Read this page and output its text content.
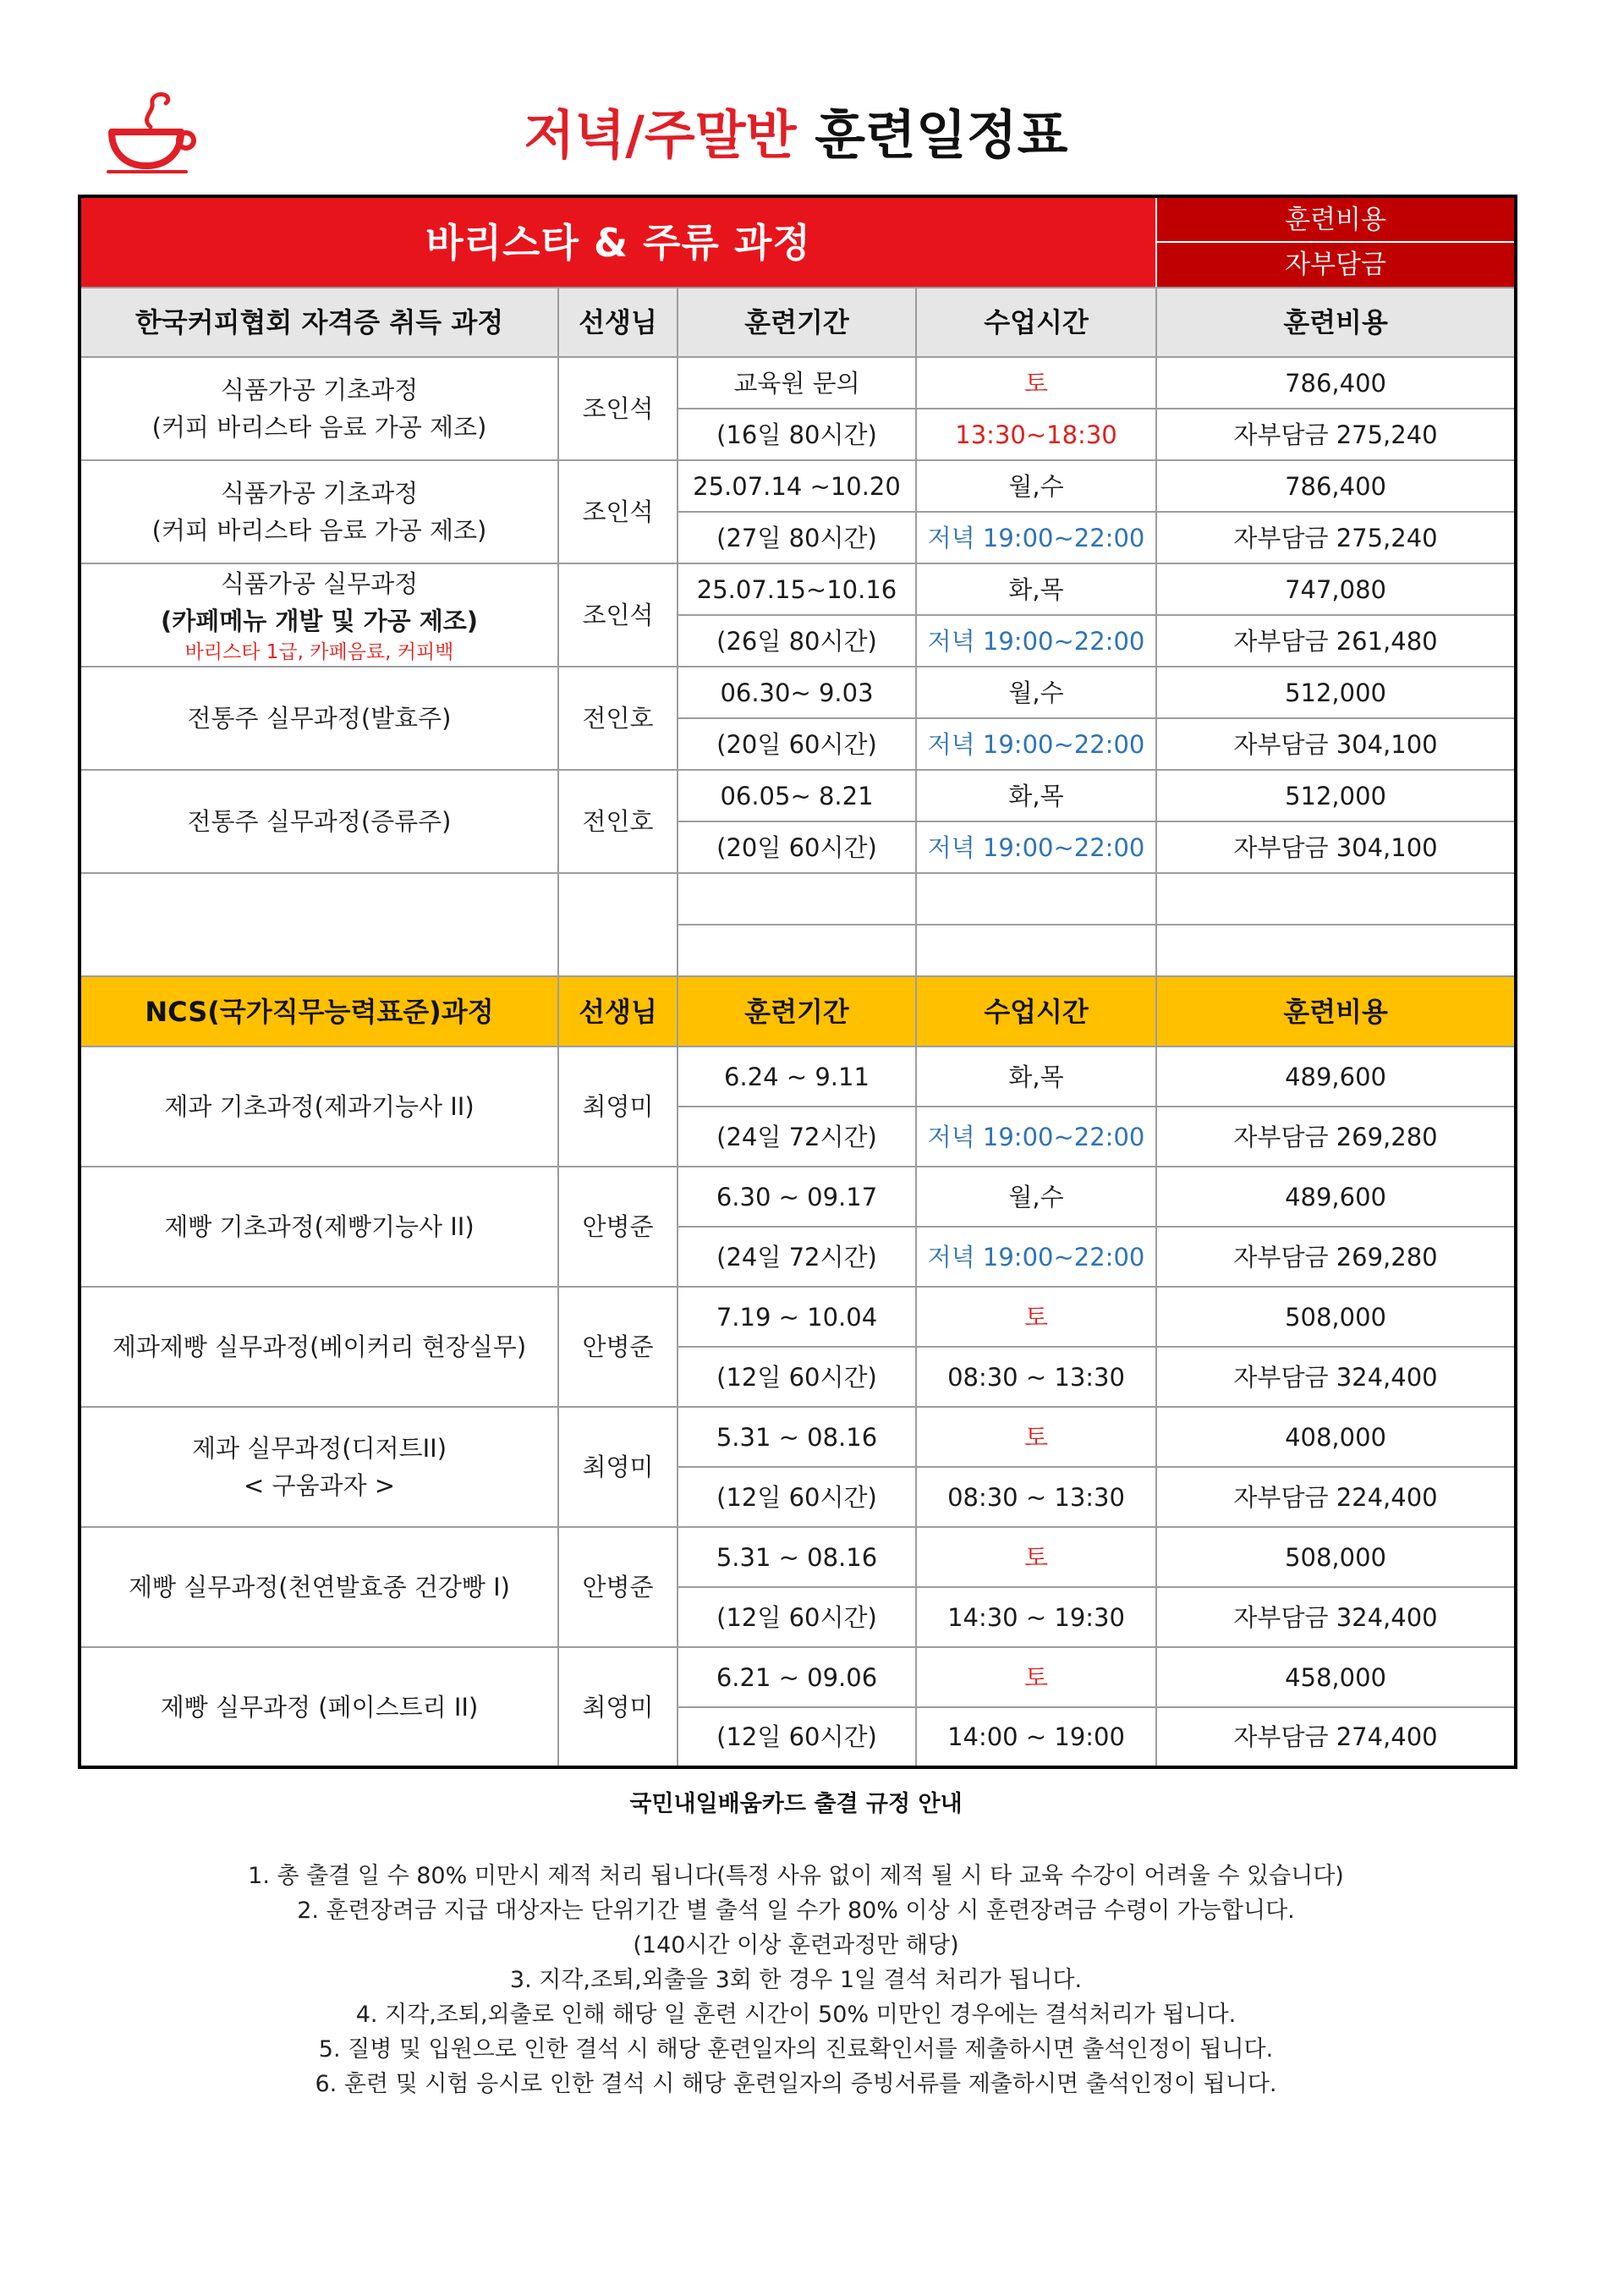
저녁/주말반 훈련일정표
바리스타 & 주류 과정				훈련비용
				자부담금
한국커피협회 자격증 취득 과정	선생님	훈련기간	수업시간	훈련비용

식품가공 기초과정
(커피 바리스타 음료 가공 제조)	조인석	교육원 문의	토	786,400
		(16일 80시간)	13:30~18:30	자부담금 275,240

식품가공 기초과정
(커피 바리스타 음료 가공 제조)	조인석	25.07.14 ~10.20	월,수	786,400
		(27일 80시간)	저녁 19:00~22:00	자부담금 275,240

식품가공 실무과정
(카페메뉴 개발 및 가공 제조)
바리스타 1급, 카페음료, 커피백	조인석	25.07.15~10.16	화,목	747,080
		(26일 80시간)	저녁 19:00~22:00	자부담금 261,480

전통주 실무과정(발효주)	전인호	06.30~ 9.03	월,수	512,000
		(20일 60시간)	저녁 19:00~22:00	자부담금 304,100

전통주 실무과정(증류주)	전인호	06.05~ 8.21	화,목	512,000
		(20일 60시간)	저녁 19:00~22:00	자부담금 304,100

NCS(국가직무능력표준)과정	선생님	훈련기간	수업시간	훈련비용

제과 기초과정(제과기능사 II)	최영미	6.24 ~ 9.11	화,목	489,600
		(24일 72시간)	저녁 19:00~22:00	자부담금 269,280

제빵 기초과정(제빵기능사 II)	안병준	6.30 ~ 09.17	월,수	489,600
		(24일 72시간)	저녁 19:00~22:00	자부담금 269,280

제과제빵 실무과정(베이커리 현장실무)	안병준	7.19 ~ 10.04	토	508,000
		(12일 60시간)	08:30 ~ 13:30	자부담금 324,400

제과 실무과정(디저트II)
< 구움과자 >	최영미	5.31 ~ 08.16	토	408,000
		(12일 60시간)	08:30 ~ 13:30	자부담금 224,400

제빵 실무과정(천연발효종 건강빵 I)	안병준	5.31 ~ 08.16	토	508,000
		(12일 60시간)	14:30 ~ 19:30	자부담금 324,400

제빵 실무과정 (페이스트리 II)	최영미	6.21 ~ 09.06	토	458,000
		(12일 60시간)	14:00 ~ 19:00	자부담금 274,400
국민내일배움카드 출결 규정 안내
1. 총 출결 일 수 80% 미만시 제적 처리 됩니다(특정 사유 없이 제적 될 시 타 교육 수강이 어려울 수 있습니다)
2. 훈련장려금 지급 대상자는 단위기간 별 출석 일 수가 80% 이상 시 훈련장려금 수령이 가능합니다.
(140시간 이상 훈련과정만 해당)
3. 지각,조퇴,외출을 3회 한 경우 1일 결석 처리가 됩니다.
4. 지각,조퇴,외출로 인해 해당 일 훈련 시간이 50% 미만인 경우에는 결석처리가 됩니다.
5. 질병 및 입원으로 인한 결석 시 해당 훈련일자의 진료확인서를 제출하시면 출석인정이 됩니다.
6. 훈련 및 시험 응시로 인한 결석 시 해당 훈련일자의 증빙서류를 제출하시면 출석인정이 됩니다.
